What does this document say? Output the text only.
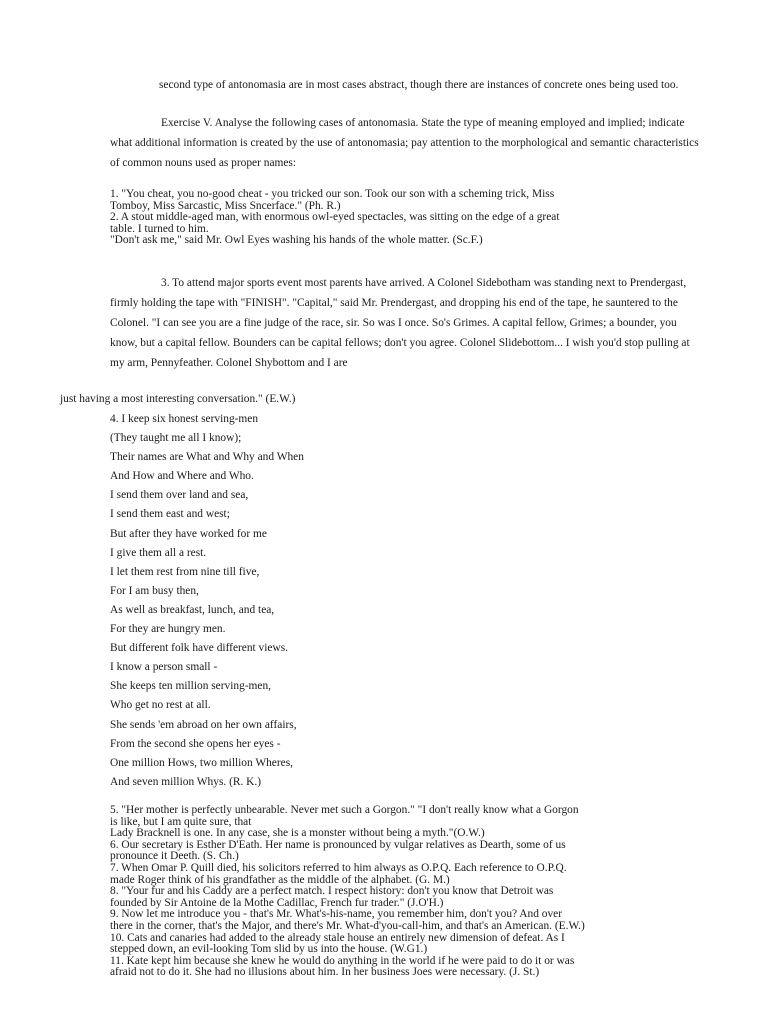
second type of antonomasia are in most cases abstract, though there are instances of concrete ones being used too.
Exercise V. Analyse the following cases of antonomasia. State the type of meaning employed and implied; indicate
what additional information is created by the use of antonomasia; pay attention to the morphological and semantic characteristics
of common nouns used as proper names:
1. "You cheat, you no-good cheat - you tricked our son. Took our son with a scheming trick, Miss
Tomboy, Miss Sarcastic, Miss Sncerface." (Ph. R.)
2. A stout middle-aged man, with enormous owl-eyed spectacles, was sitting on the edge of a great
table. I turned to him.
"Don't ask me," said Mr. Owl Eyes washing his hands of the whole matter. (Sc.F.)
3. To attend major sports event most parents have arrived. A Colonel Sidebotham was standing next to Prendergast,
firmly holding the tape with "FINISH". "Capital," said Mr. Prendergast, and dropping his end of the tape, he sauntered to the
Colonel. "I can see you are a fine judge of the race, sir. So was I once. So's Grimes. A capital fellow, Grimes; a bounder, you
know, but a capital fellow. Bounders can be capital fellows; don't you agree. Colonel Slidebottom... I wish you'd stop pulling at
my arm, Pennyfeather. Colonel Shybottom and I are
just having a most interesting conversation." (E.W.)
4. I keep six honest serving-men
(They taught me all I know);
Their names are What and Why and When
And How and Where and Who.
I send them over land and sea,
I send them east and west;
But after they have worked for me
I give them all a rest.
I let them rest from nine till five,
For I am busy then,
As well as breakfast, lunch, and tea,
For they are hungry men.
But different folk have different views.
I know a person small -
She keeps ten million serving-men,
Who get no rest at all.
She sends 'em abroad on her own affairs,
From the second she opens her eyes -
One million Hows, two million Wheres,
And seven million Whys. (R. K.)
5. "Her mother is perfectly unbearable. Never met such a Gorgon." "I don't really know what a Gorgon
is like, but I am quite sure, that
Lady Bracknell is one. In any case, she is a monster without being a myth."(O.W.)
6. Our secretary is Esther D'Eath. Her name is pronounced by vulgar relatives as Dearth, some of us
pronounce it Deeth. (S. Ch.)
7. When Omar P. Quill died, his solicitors referred to him always as O.P.Q. Each reference to O.P.Q.
made Roger think of his grandfather as the middle of the alphabet. (G. M.)
8. "Your fur and his Caddy are a perfect match. I respect history: don't you know that Detroit was
founded by Sir Antoine de la Mothe Cadillac, French fur trader." (J.O'H.)
9. Now let me introduce you - that's Mr. What's-his-name, you remember him, don't you? And over
there in the corner, that's the Major, and there's Mr. What-d'you-call-him, and that's an American. (E.W.)
10. Cats and canaries had added to the already stale house an entirely new dimension of defeat. As I
stepped down, an evil-looking Tom slid by us into the house. (W.G1.)
11. Kate kept him because she knew he would do anything in the world if he were paid to do it or was
afraid not to do it. She had no illusions about him. In her business Joes were necessary. (J. St.)
